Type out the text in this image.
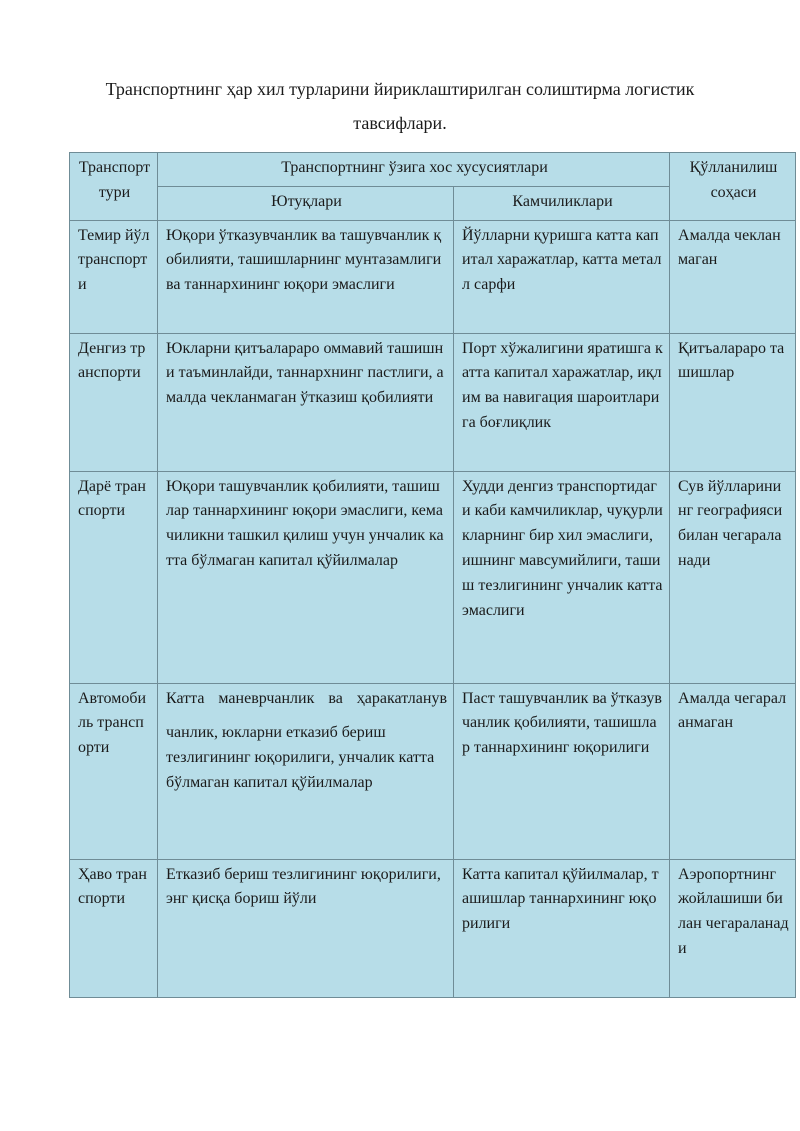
Транспортнинг ҳар хил турларини йириклаштирилган солиштирма логистик
тавсифлари.
Транспорт тури	Транспортнинг ўзига хос хусусиятлари		Қўлланилиш соҳаси
	Ютуқлари	Камчиликлари	
Темир йўл транспорти	Юқори ўтказувчанлик ва ташувчанлик қобилияти, ташишларнинг мунтазамлиги ва таннархининг юқори эмаслиги	Йўлларни қуришга катта капитал харажатлар, катта металл сарфи	Амалда чекланмаган
Денгиз транспорти	Юкларни қитъалараро оммавий ташишни таъминлайди, таннархнинг пастлиги, амалда чекланмаган ўтказиш қобилияти	Порт хўжалигини яратишга катта капитал харажатлар, иқлим ва навигация шароитларига боғлиқлик	Қитъалараро ташишлар
Дарё транспорти	Юқори ташувчанлик қобилияти, ташишлар таннархининг юқори эмаслиги, кемачиликни ташкил қилиш учун унчалик катта бўлмаган капитал қўйилмалар	Худди денгиз транспортидаги каби камчиликлар, чуқурликларнинг бир хил эмаслиги, ишнинг мавсумийлиги, ташиш тезлигининг унчалик катта эмаслиги	Сув йўлларининг географияси билан чегараланади
Автомобиль транспорти	Катта маневрчанлик ва ҳаракатланув
чанлик, юкларни етказиб бериш тезлигининг юқорилиги, унчалик катта бўлмаган капитал қўйилмалар	Паст ташувчанлик ва ўтказувчанлик қобилияти, ташишлар таннархининг юқорилиги	Амалда чегараланмаган
Ҳаво транспорти	Етказиб бериш тезлигининг юқорилиги, энг қисқа бориш йўли	Катта капитал қўйилмалар, ташишлар таннархининг юқорилиги	Аэропортнинг жойлашиши билан чегараланади
